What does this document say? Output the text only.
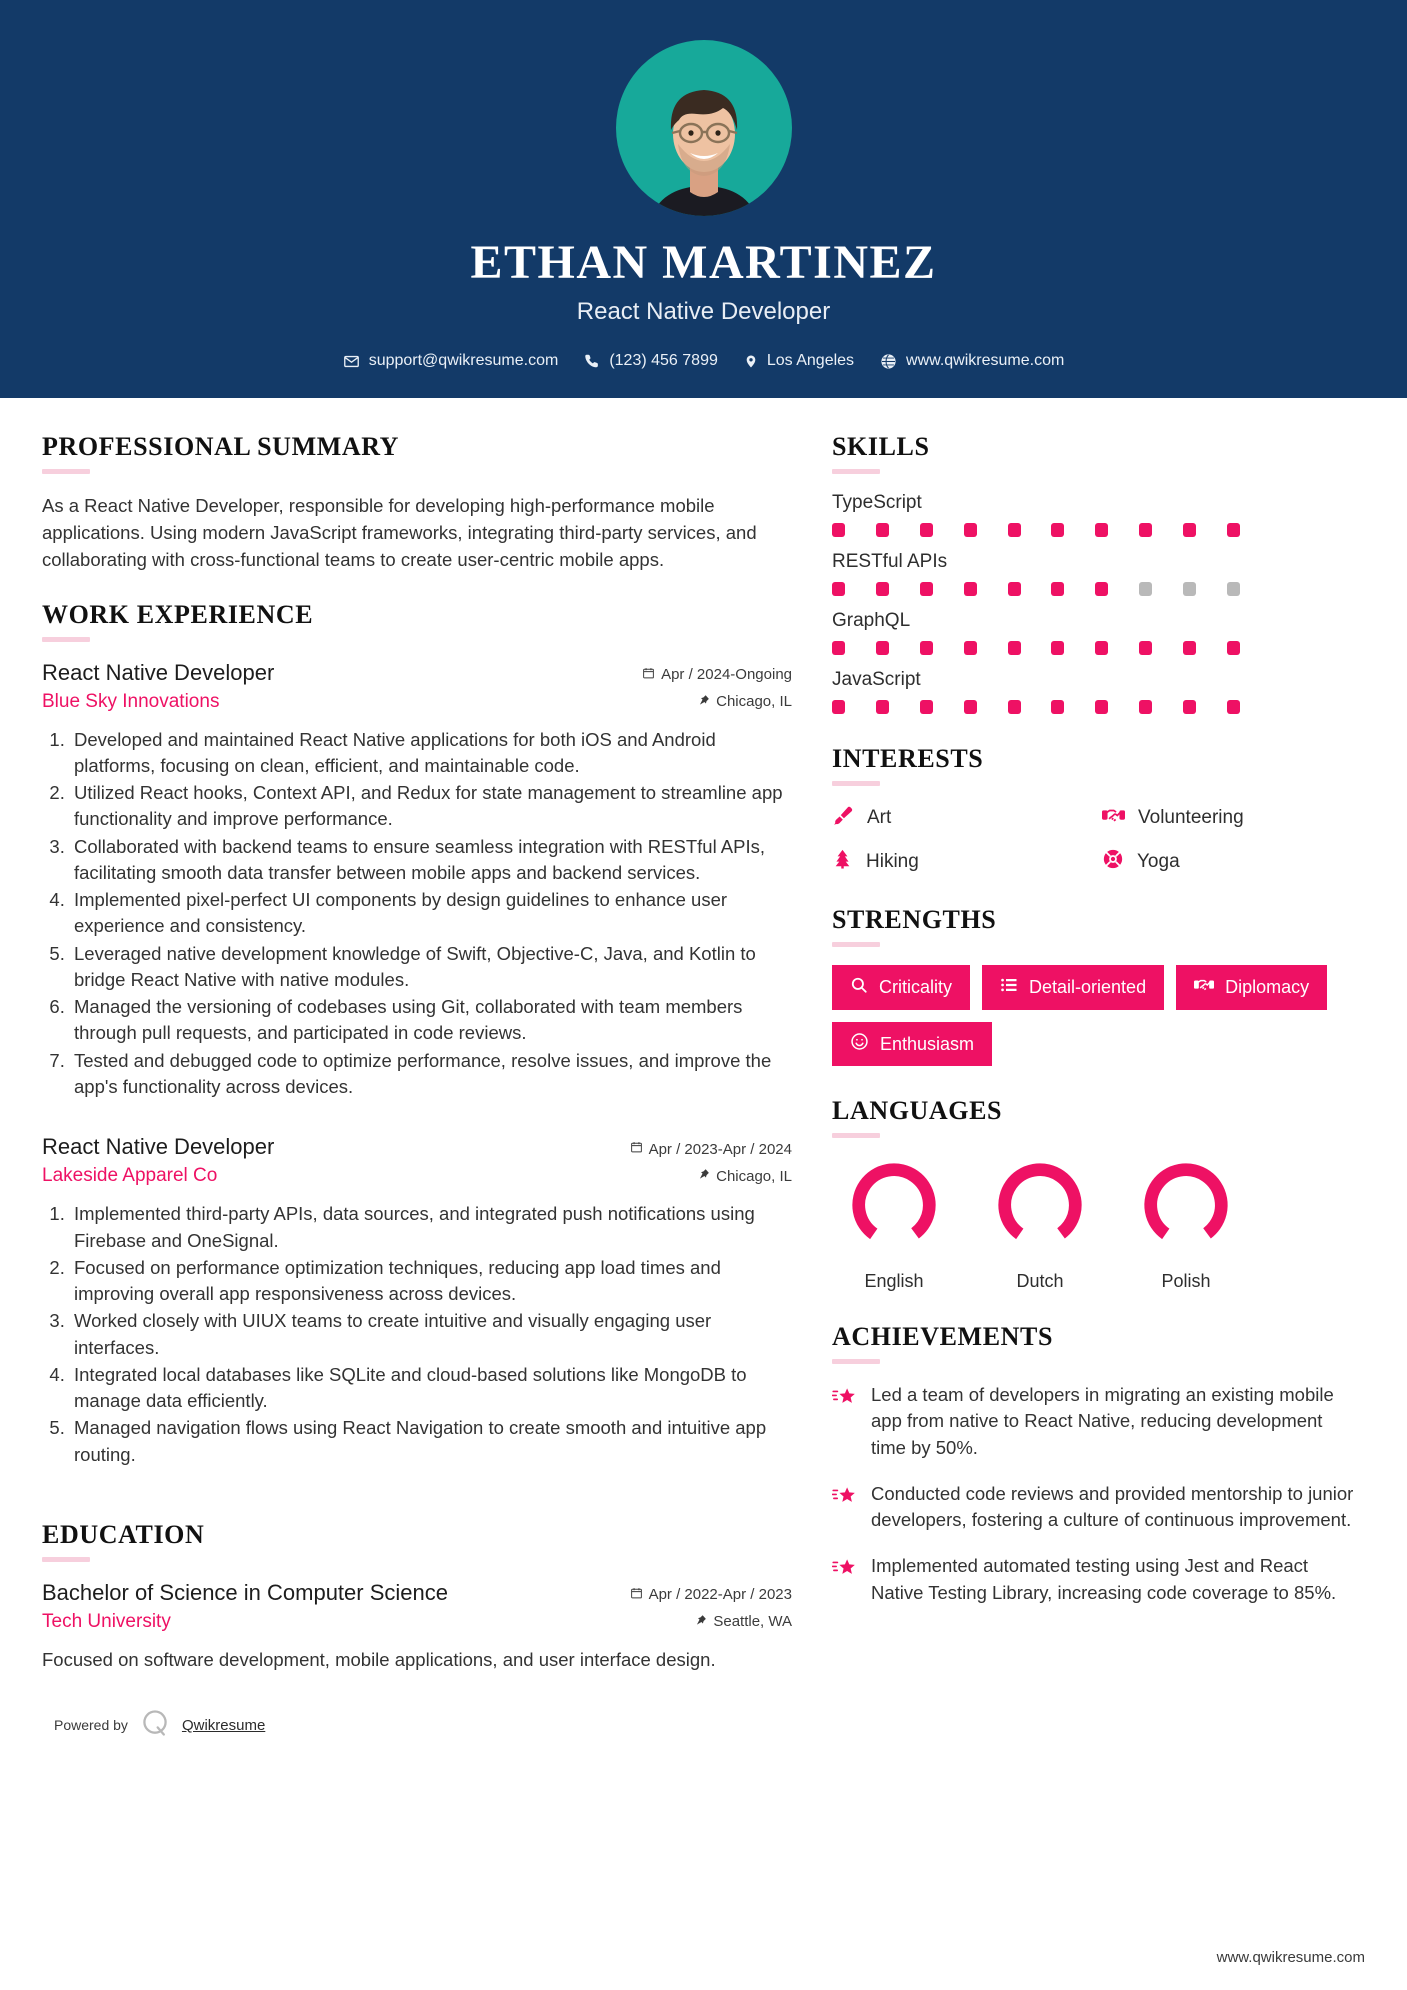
ETHAN MARTINEZ
React Native Developer
support@qwikresume.com	(123) 456 7899	Los Angeles	www.qwikresume.com
PROFESSIONAL SUMMARY

As a React Native Developer, responsible for developing high-performance mobile applications. Using modern JavaScript frameworks, integrating third-party services, and collaborating with cross-functional teams to create user-centric mobile apps.

WORK EXPERIENCE
React Native Developer	Apr / 2024-Ongoing
Blue Sky Innovations	Chicago, IL
1. Developed and maintained React Native applications for both iOS and Android platforms, focusing on clean, efficient, and maintainable code.
2. Utilized React hooks, Context API, and Redux for state management to streamline app functionality and improve performance.
3. Collaborated with backend teams to ensure seamless integration with RESTful APIs, facilitating smooth data transfer between mobile apps and backend services.
4. Implemented pixel-perfect UI components by design guidelines to enhance user experience and consistency.
5. Leveraged native development knowledge of Swift, Objective-C, Java, and Kotlin to bridge React Native with native modules.
6. Managed the versioning of codebases using Git, collaborated with team members through pull requests, and participated in code reviews.
7. Tested and debugged code to optimize performance, resolve issues, and improve the app's functionality across devices.
React Native Developer	Apr / 2023-Apr / 2024
Lakeside Apparel Co	Chicago, IL
1. Implemented third-party APIs, data sources, and integrated push notifications using Firebase and OneSignal.
2. Focused on performance optimization techniques, reducing app load times and improving overall app responsiveness across devices.
3. Worked closely with UIUX teams to create intuitive and visually engaging user interfaces.
4. Integrated local databases like SQLite and cloud-based solutions like MongoDB to manage data efficiently.
5. Managed navigation flows using React Navigation to create smooth and intuitive app routing.
EDUCATION
Bachelor of Science in Computer Science	Apr / 2022-Apr / 2023
Tech University	Seattle, WA

Focused on software development, mobile applications, and user interface design.

Powered by	Qwikresume
SKILLS
TypeScript
RESTful APIs
GraphQL
JavaScript
INTERESTS
Art	Volunteering
Hiking	Yoga
STRENGTHS
Criticality	Detail-oriented	Diplomacy
Enthusiasm
LANGUAGES
English	Dutch	Polish
ACHIEVEMENTS
Led a team of developers in migrating an existing mobile app from native to React Native, reducing development time by 50%.
Conducted code reviews and provided mentorship to junior developers, fostering a culture of continuous improvement.
Implemented automated testing using Jest and React Native Testing Library, increasing code coverage to 85%.
www.qwikresume.com
